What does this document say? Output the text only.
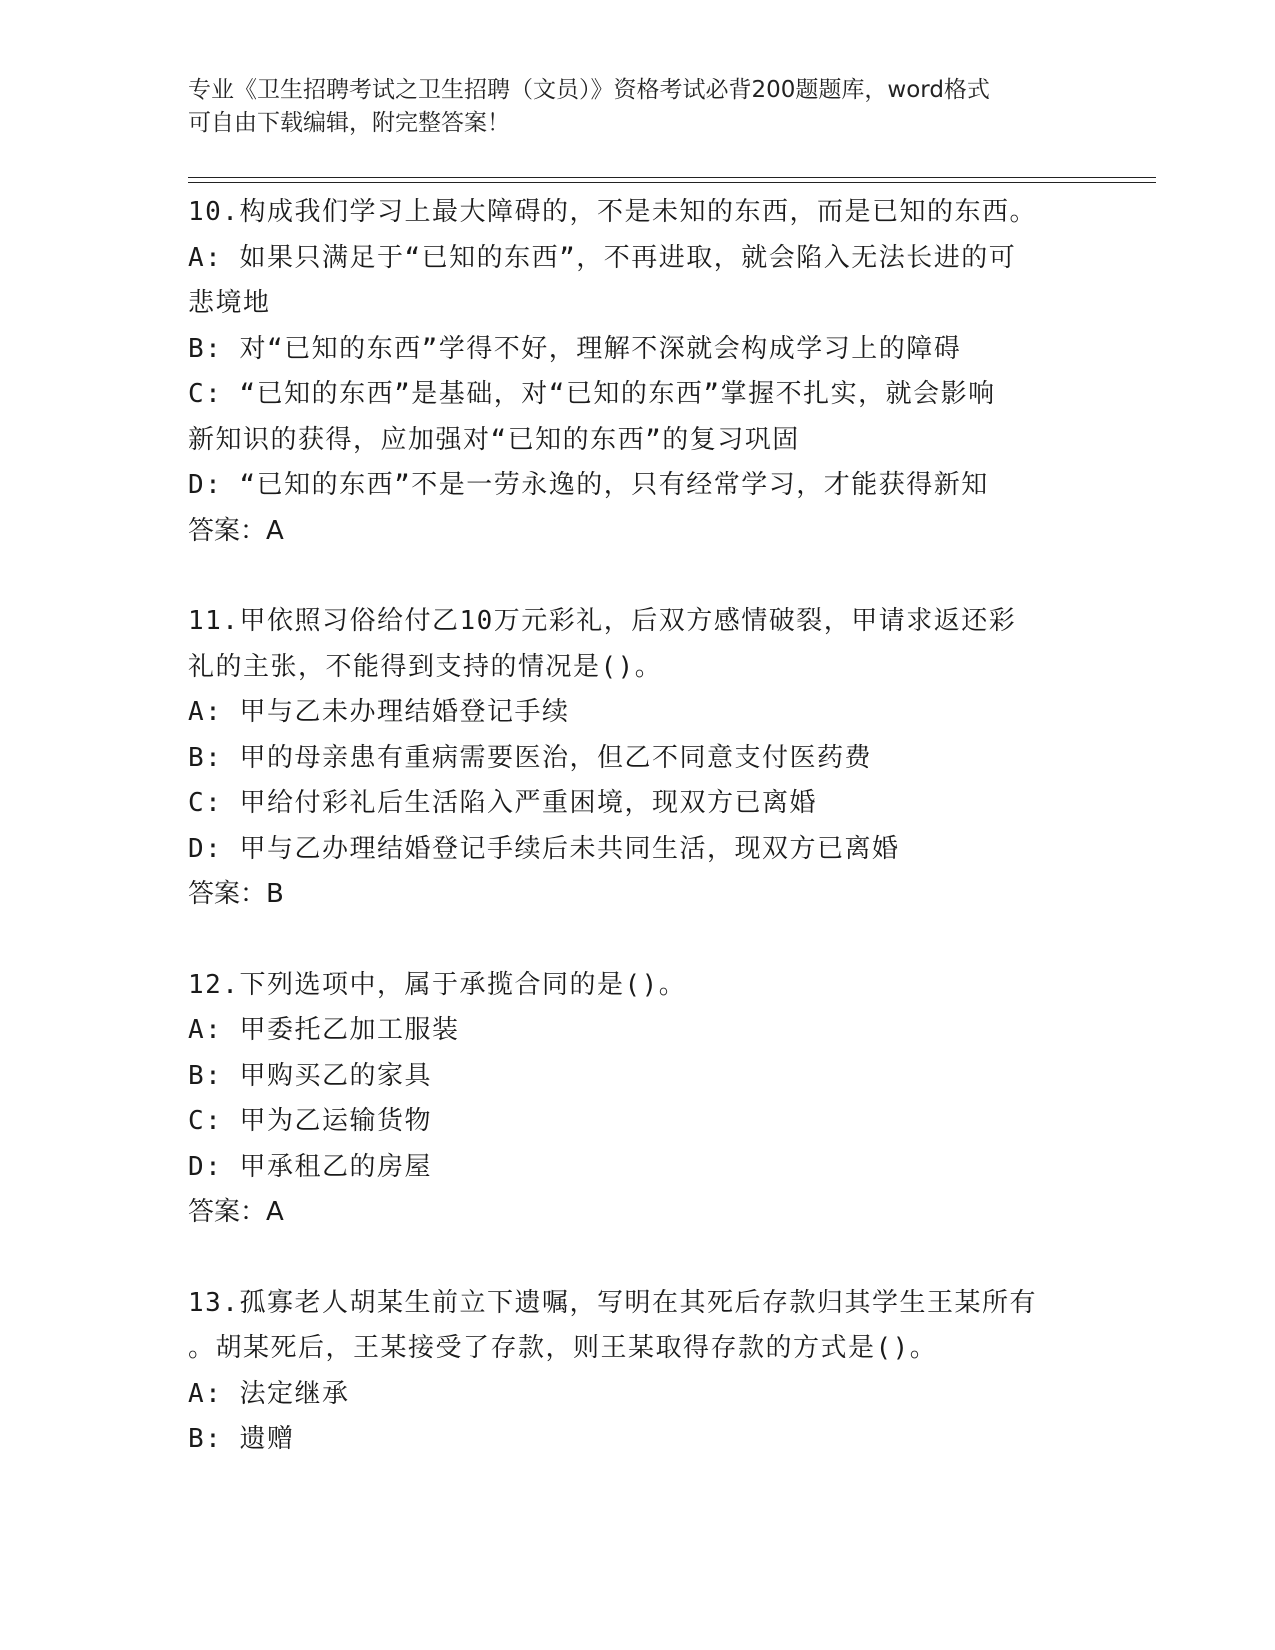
专业《卫生招聘考试之卫生招聘（文员）》资格考试必背200题题库，word格式
可自由下载编辑，附完整答案！

10.构成我们学习上最大障碍的，不是未知的东西，而是已知的东西。

A: 如果只满足于“已知的东西”，不再进取，就会陷入无法长进的可

悲境地

B: 对“已知的东西”学得不好，理解不深就会构成学习上的障碍

C: “已知的东西”是基础，对“已知的东西”掌握不扎实，就会影响

新知识的获得，应加强对“已知的东西”的复习巩固

D: “已知的东西”不是一劳永逸的，只有经常学习，才能获得新知

答案：A

11.甲依照习俗给付乙10万元彩礼，后双方感情破裂，甲请求返还彩

礼的主张，不能得到支持的情况是()。

A: 甲与乙未办理结婚登记手续

B: 甲的母亲患有重病需要医治，但乙不同意支付医药费

C: 甲给付彩礼后生活陷入严重困境，现双方已离婚

D: 甲与乙办理结婚登记手续后未共同生活，现双方已离婚

答案：B

12.下列选项中，属于承揽合同的是()。

A: 甲委托乙加工服装

B: 甲购买乙的家具

C: 甲为乙运输货物

D: 甲承租乙的房屋

答案：A

13.孤寡老人胡某生前立下遗嘱，写明在其死后存款归其学生王某所有

。胡某死后，王某接受了存款，则王某取得存款的方式是()。

A: 法定继承

B: 遗赠
